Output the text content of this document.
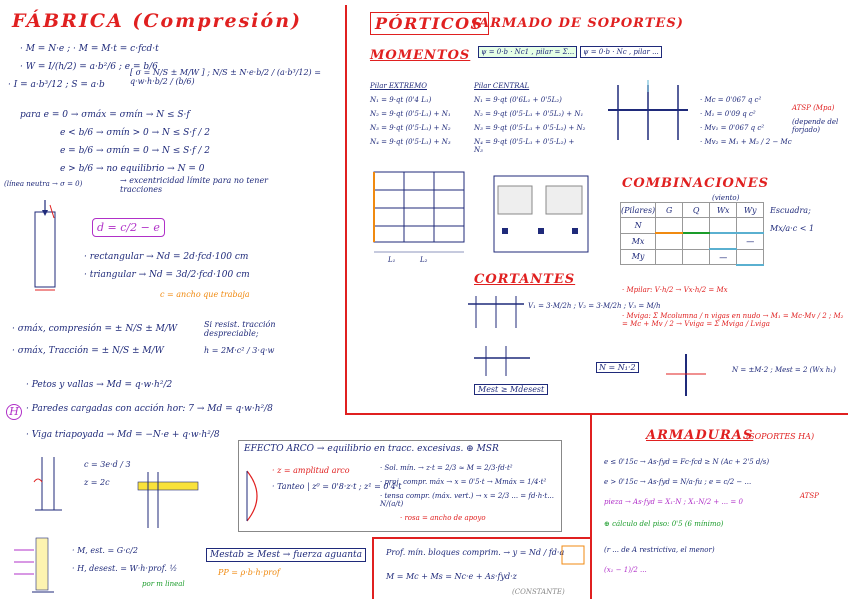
FÁBRICA (Compresión)
· M = N·e ; · M = M·t = c·fcd·t
· W = I/(h/2) = a·b²/6 ; e = b/6
· I = a·b³/12 ; S = a·b
[ σ = N/S ± M/W ] ; N/S ± N·e·b/2 / (a·b³/12) = q·w·h·b/2 / (b/6)
para e = 0 → σmáx = σmín → N ≤ S·f
e < b/6 → σmín > 0 → N ≤ S·f / 2
e = b/6 → σmín = 0 → N ≤ S·f / 2
e > b/6 → no equilibrio → N = 0
→ excentricidad límite para no tener tracciones
(línea neutra → σ = 0)
d = c/2 − e
· rectangular → Nd = 2d·fcd·100 cm
· triangular → Nd = 3d/2·fcd·100 cm
c = ancho que trabaja
· σmáx, compresión = ± N/S ± M/W
· σmáx, Tracción = ± N/S ± M/W
Si resist. tracción despreciable;
h = 2M·c² / 3·q·w
H
· Petos y vallas → Md = q·w·h²/2
· Paredes cargadas con acción hor: 7 → Md = q·w·h²/8
· Viga triapoyada → Md = −N·e + q·w·h²/8
c = 3e·d / 3
z = 2c
EFECTO ARCO → equilibrio en tracc. excesivas. ⊕ MSR
· z = amplitud arco
· Tanteo | z⁰ = 0'8·z·t ; z¹ = 0'4·t
· Sol. mín. → z·t = 2/3 ≈ M = 2/3·fd·t²
· proj. compr. máx → x = 0'5·t → Mmáx = 1/4·t²
· tensa compr. (máx. vert.) → x = 2/3 ... = fd·h·t... N/(a/t)
· rosa = ancho de apoyo
· M, est. = G·c/2
· H, desest. = W·h·prof. ½
Mestab ≥ Mest → fuerza aguanta
PP = ρ·b·h·prof
por m lineal
PÓRTICOS
(ARMADO DE SOPORTES)
MOMENTOS	ψ = 0·b · Nc1 , pilar = Σ...	ψ = 0·b · Nc , pilar ...
Pilar EXTREMO
N₁ = 9·qt (0'4 L₁)
N₂ = 9·qt (0'5·L₁) + N₁
N₃ = 9·qt (0'5·L₁) + N₂
N₄ = 9·qt (0'5·L₁) + N₃
Pilar CENTRAL
N₁ = 9·qt (0'6L₁ + 0'5L₂)
N₂ = 9·qt (0'5·L₁ + 0'5L₂) + N₁
N₃ = 9·qt (0'5·L₁ + 0'5·L₂) + N₂
N₄ = 9·qt (0'5·L₁ + 0'5·L₂) + N₃
· Mc = 0'067 q c²
· M₁ = 0'09 q c²
· Mv₁ = 0'067 q c²
· Mv₂ = M₁ + M₂ / 2 − Mc
ATSP (Mpa)
(depende del forjado)
L₁	L₂
COMBINACIONES
(viento)
(Pilares)	G	Q	Wx	Wy
N				
Mx				—
My			—	
Escuadra;
Mx/a·c < 1
CORTANTES
V₁ = 3·M/2h ; V₂ = 3·M/2h ; V₃ = M/h
N = N₁·2
Mest ≥ Mdesest
· Mpilar: V·h/2 → Vx·h/2 = Mx
· Mviga: Σ Mcolumna / n vigas en nudo → M₁ = Mc·Mv / 2 ; M₂ = Mc + Mv / 2 → Vviga = Σ Mviga / Lviga
N = ±M·2 ; Mest = 2 (Wx h₁)
ARMADURAS
(SOPORTES HA)
e ≤ 0'15c → As·fyd = Fc·fcd ≥ N (Ac + 2'5 d/s)
e > 0'15c → As·fyd = N/a·fu ; e = c/2 − ...
pieza → As·fyd = X₁·N ; X₁·N/2 + ... = 0
ATSP
⊕ cálculo del piso: 0'5 (6 mínimo)
(r ... de A restrictiva, el menor)
(x₁ − 1)/2 ...
Prof. mín. bloques comprim. → y = Nd / fd·a
M = Mc + Ms = Nc·e + As·fyd·z
(CONSTANTE)
